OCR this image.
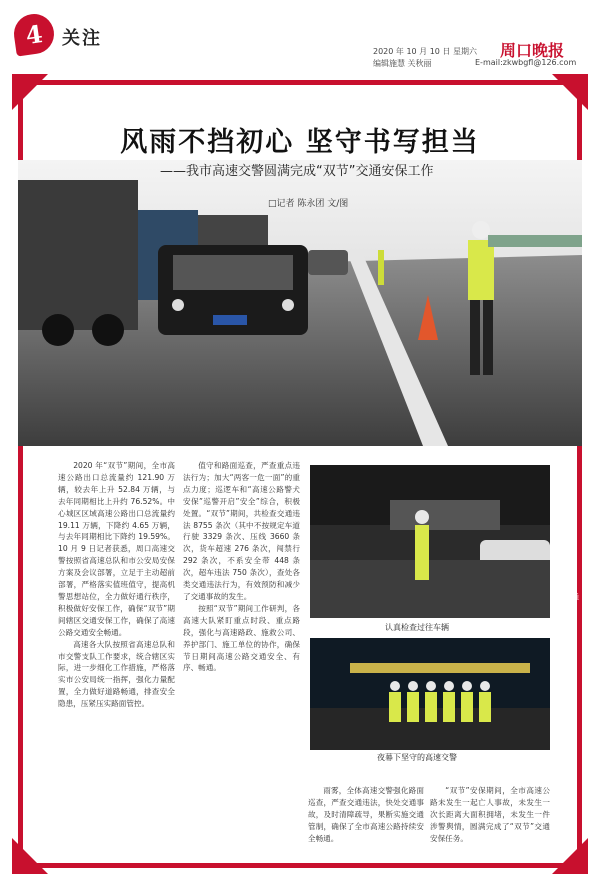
4 关注
2020 年 10 月 10 日 星期六
编辑施慧 关秋丽
周口晚报
E-mail:zkwbgfl@126.com
疏导交通
风雨不挡初心 坚守书写担当
——我市高速交警圆满完成“双节”交通安保工作
□记者 陈永团 文/图

2020 年“双节”期间，全市高速公路出口总流量约 121.90 万辆，较去年上升 52.84 万辆，与去年同期相比上升约 76.52%。中心城区区域高速公路出口总流量约 19.11 万辆，下降约 4.65 万辆，与去年同期相比下降约 19.59%。10 月 9 日记者获悉，周口高速交警按照省高速总队和市公安局安保方案及会议部署，立足于主动超前部署，严格落实值班值守，提高机警思想站位，全力做好通行秩序，积极做好安保工作，确保“双节”期间辖区交通安保工作，确保了高速公路交通安全畅通。

高速各大队按照省高速总队和市交警支队工作要求，统合辖区实际，进一步细化工作措施，严格落实市公安局统一指挥，强化力量配置，全力做好道路畅通，排查安全隐患，压紧压实路面管控。

值守和路面巡查，严查重点违法行为；加大“两客一危一面”的重点力度；巡逻车和“高速公路警犬安保”巡警开启”安全”综合，积极处置。“双节”期间，共检查交通违法 8755 条次（其中不按规定车道行驶 3329 条次、压线 3660 条次，货车超速 276 条次，闯禁行 292 条次，不系安全带 448 条次，超车违法 750 条次），查处各类交通违法行为，有效预防和减少了交通事故的发生。

按照“双节”期间工作研判，各高速大队紧盯重点时段、重点路段，强化与高速路政、施救公司、养护部门、施工单位的协作，确保节日期间高速公路交通安全、有序、畅通。

认真检查过往车辆
夜幕下坚守的高速交警

雨雾，全体高速交警强化路面巡查，严查交通违法，快处交通事故，及时清障疏导，果断实施交通管制，确保了全市高速公路持续安全畅通。

“双节”安保期间，全市高速公路未发生一起亡人事故，未发生一次长距离大面积拥堵，未发生一件涉警舆情，圆满完成了“双节”交通安保任务。
